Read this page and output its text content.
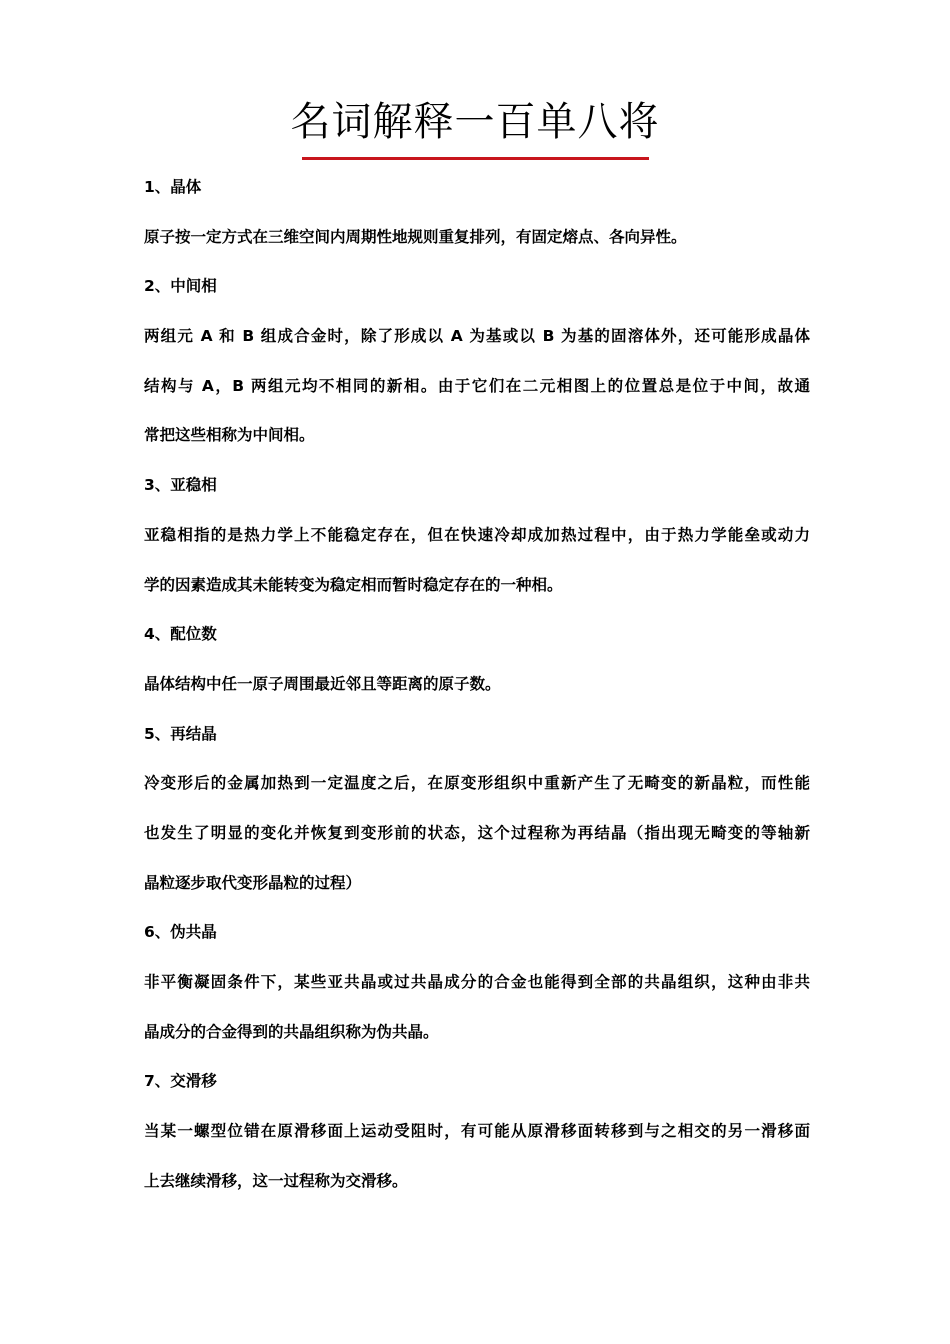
名词解释一百单八将

1、晶体

原子按一定方式在三维空间内周期性地规则重复排列，有固定熔点、各向异性。

2、中间相

两组元 A 和 B 组成合金时，除了形成以 A 为基或以 B 为基的固溶体外，还可能形成晶体

结构与 A，B 两组元均不相同的新相。由于它们在二元相图上的位置总是位于中间，故通

常把这些相称为中间相。

3、亚稳相

亚稳相指的是热力学上不能稳定存在，但在快速冷却成加热过程中，由于热力学能垒或动力

学的因素造成其未能转变为稳定相而暂时稳定存在的一种相。

4、配位数

晶体结构中任一原子周围最近邻且等距离的原子数。

5、再结晶

冷变形后的金属加热到一定温度之后，在原变形组织中重新产生了无畸变的新晶粒，而性能

也发生了明显的变化并恢复到变形前的状态，这个过程称为再结晶（指出现无畸变的等轴新

晶粒逐步取代变形晶粒的过程）

6、伪共晶

非平衡凝固条件下，某些亚共晶或过共晶成分的合金也能得到全部的共晶组织，这种由非共

晶成分的合金得到的共晶组织称为伪共晶。

7、交滑移

当某一螺型位错在原滑移面上运动受阻时，有可能从原滑移面转移到与之相交的另一滑移面

上去继续滑移，这一过程称为交滑移。
